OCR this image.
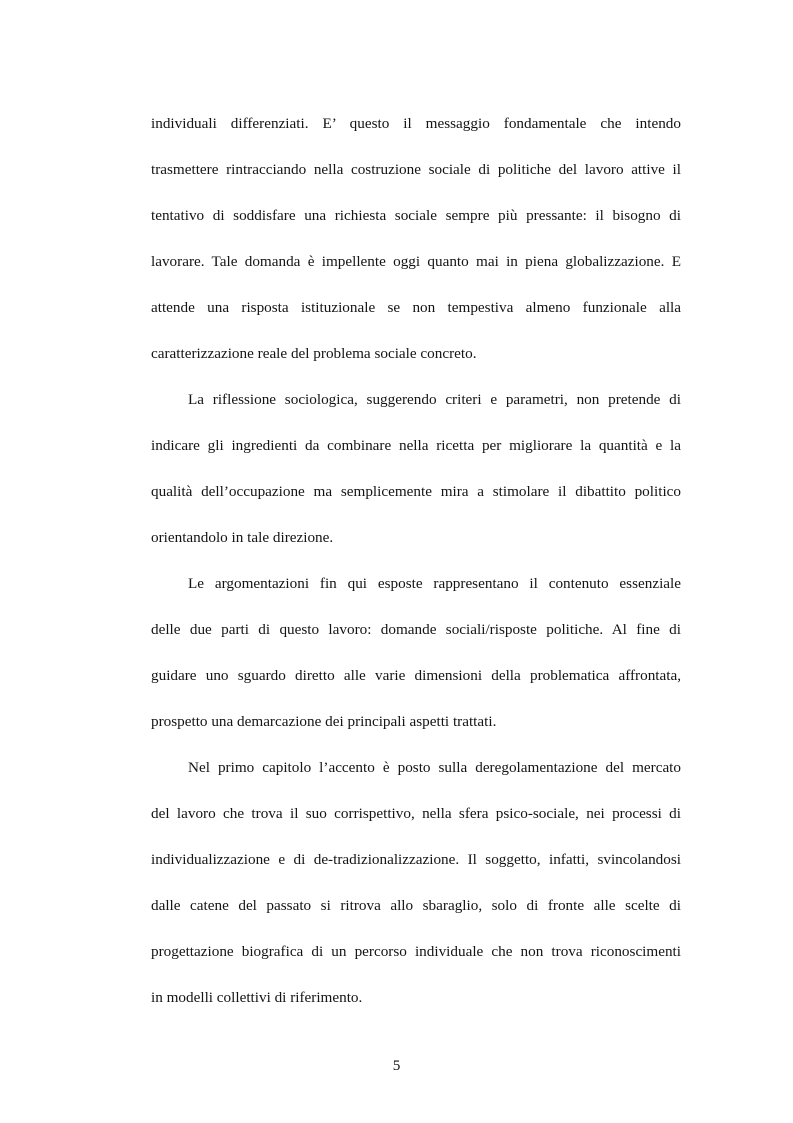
individuali differenziati. E’ questo il messaggio fondamentale che intendo
trasmettere rintracciando nella costruzione sociale di politiche del lavoro attive il
tentativo di soddisfare una richiesta sociale sempre più pressante: il bisogno di
lavorare. Tale domanda è impellente oggi quanto mai in piena globalizzazione. E
attende una risposta istituzionale se non tempestiva almeno funzionale alla
caratterizzazione reale del problema sociale concreto.
La riflessione sociologica, suggerendo criteri e parametri, non pretende di
indicare gli ingredienti da combinare nella ricetta per migliorare la quantità e la
qualità dell’occupazione ma semplicemente mira a stimolare il dibattito politico
orientandolo in tale direzione.
Le argomentazioni fin qui esposte rappresentano il contenuto essenziale
delle due parti di questo lavoro: domande sociali/risposte politiche. Al fine di
guidare uno sguardo diretto alle varie dimensioni della problematica affrontata,
prospetto una demarcazione dei principali aspetti trattati.
Nel primo capitolo l’accento è posto sulla deregolamentazione del mercato
del lavoro che trova il suo corrispettivo, nella sfera psico-sociale, nei processi di
individualizzazione e di de-tradizionalizzazione. Il soggetto, infatti, svincolandosi
dalle catene del passato si ritrova allo sbaraglio, solo di fronte alle scelte di
progettazione biografica di un percorso individuale che non trova riconoscimenti
in modelli collettivi di riferimento.
5
